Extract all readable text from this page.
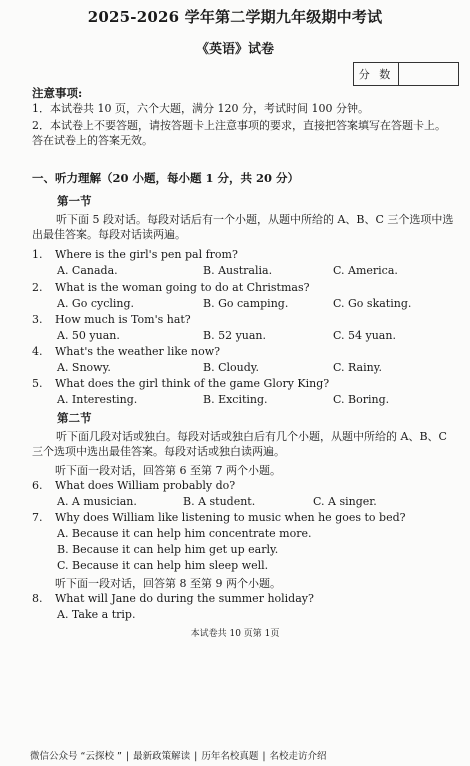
2025-2026 学年第二学期九年级期中考试
《英语》试卷
分 数
注意事项:
1．本试卷共 10 页，六个大题，满分 120 分，考试时间 100 分钟。
2．本试卷上不要答题，请按答题卡上注意事项的要求，直接把答案填写在答题卡上。答在试卷上的答案无效。
一、听力理解（20 小题，每小题 1 分，共 20 分）
第一节
听下面 5 段对话。每段对话后有一个小题，从题中所给的 A、B、C 三个选项中选出最佳答案。每段对话读两遍。
1. Where is the girl's pen pal from?
A. Canada.	B. Australia.	C. America.
2. What is the woman going to do at Christmas?
A. Go cycling.	B. Go camping.	C. Go skating.
3. How much is Tom's hat?
A. 50 yuan.	B. 52 yuan.	C. 54 yuan.
4. What's the weather like now?
A. Snowy.	B. Cloudy.	C. Rainy.
5. What does the girl think of the game Glory King?
A. Interesting.	B. Exciting.	C. Boring.
第二节
听下面几段对话或独白。每段对话或独白后有几个小题，从题中所给的 A、B、C 三个选项中选出最佳答案。每段对话或独白读两遍。
听下面一段对话，回答第 6 至第 7 两个小题。
6. What does William probably do?
A. A musician.	B. A student.	C. A singer.
7. Why does William like listening to music when he goes to bed?
A. Because it can help him concentrate more.
B. Because it can help him get up early.
C. Because it can help him sleep well.
听下面一段对话，回答第 8 至第 9 两个小题。
8. What will Jane do during the summer holiday?
A. Take a trip.
本试卷共 10 页第 1页
微信公众号 “云探校 ” | 最新政策解读 | 历年名校真题 | 名校走访介绍
